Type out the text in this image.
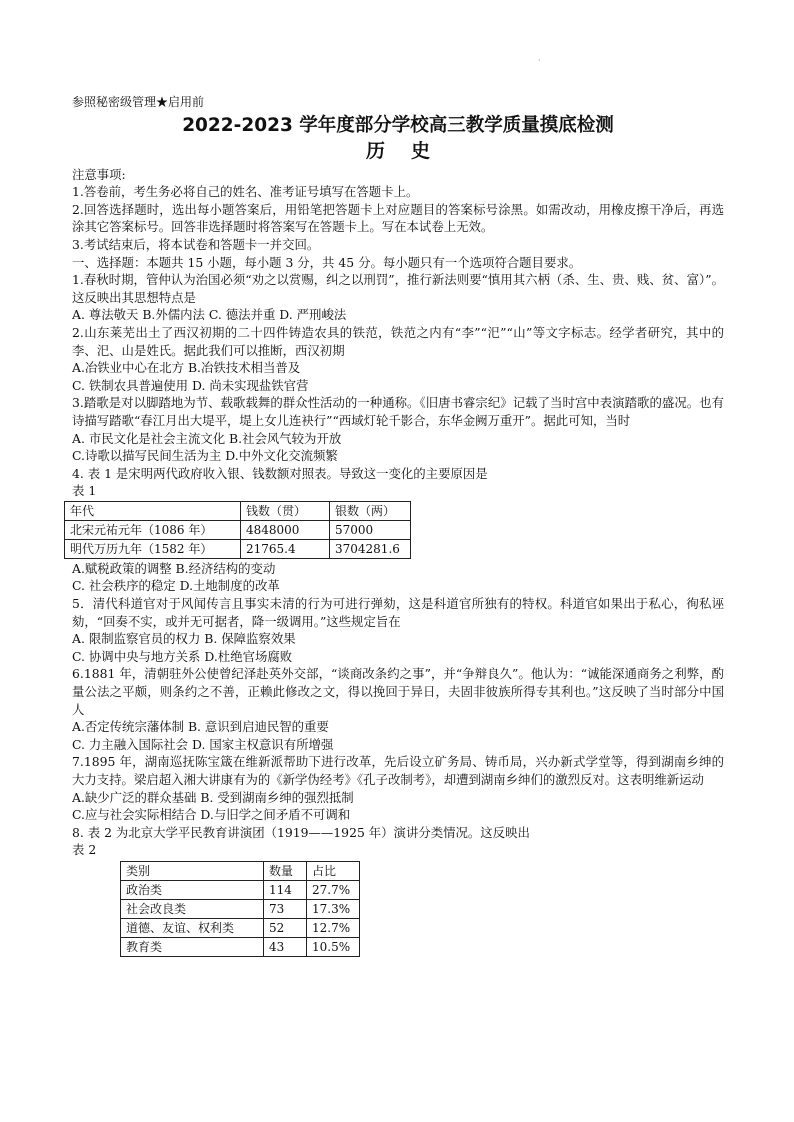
·
参照秘密级管理★启用前
2022-2023 学年度部分学校高三教学质量摸底检测
历史
注意事项:

1.答卷前，考生务必将自己的姓名、准考证号填写在答题卡上。

2.回答选择题时，选出每小题答案后，用铅笔把答题卡上对应题目的答案标号涂黑。如需改动，用橡皮擦干净后，再选涂其它答案标号。回答非选择题时将答案写在答题卡上。写在本试卷上无效。

3.考试结束后，将本试卷和答题卡一并交回。

一、选择题：本题共 15 小题，每小题 3 分，共 45 分。每小题只有一个选项符合题目要求。

1.春秋时期，管仲认为治国必须“劝之以赏赐，纠之以刑罚”，推行新法则要“慎用其六柄（杀、生、贵、贱、贫、富）”。这反映出其思想特点是

A. 尊法敬天 B.外儒内法 C. 德法并重 D. 严刑峻法

2.山东莱芜出土了西汉初期的二十四件铸造农具的铁范，铁范之内有“李”“汜”“山”等文字标志。经学者研究，其中的李、汜、山是姓氏。据此我们可以推断，西汉初期

A.冶铁业中心在北方 B.冶铁技术相当普及
C. 铁制农具普遍使用 D. 尚未实现盐铁官营

3.踏歌是对以脚踏地为节、载歌载舞的群众性活动的一种通称。《旧唐书睿宗纪》记载了当时宫中表演踏歌的盛况。也有诗描写踏歌“春江月出大堤平，堤上女儿连袂行”“西域灯轮千影合，东华金阙万重开”。据此可知，当时

A. 市民文化是社会主流文化 B.社会风气较为开放
C.诗歌以描写民间生活为主 D.中外文化交流频繁

4. 表 1 是宋明两代政府收入银、钱数额对照表。导致这一变化的主要原因是

表 1
年代	钱数（贯）	银数（两）
北宋元祐元年（1086 年）	4848000	57000
明代万历九年（1582 年）	21765.4	3704281.6
A.赋税政策的调整 B.经济结构的变动
C. 社会秩序的稳定 D.土地制度的改革

5．清代科道官对于风闻传言且事实未清的行为可进行弹劾，这是科道官所独有的特权。科道官如果出于私心，徇私诬劾，“回奏不实，或并无可据者，降一级调用。”这些规定旨在

A. 限制监察官员的权力 B. 保障监察效果
C. 协调中央与地方关系 D.杜绝官场腐败

6.1881 年，清朝驻外公使曾纪泽赴英外交部，“谈商改条约之事”，并“争辩良久”。他认为：“诚能深通商务之利弊，酌量公法之平颇，则条约之不善，正赖此修改之文，得以挽回于异日，夫固非彼族所得专其利也。”这反映了当时部分中国人

A.否定传统宗藩体制 B. 意识到启迪民智的重要
C. 力主融入国际社会 D. 国家主权意识有所增强

7.1895 年，湖南巡抚陈宝箴在维新派帮助下进行改革，先后设立矿务局、铸币局，兴办新式学堂等，得到湖南乡绅的大力支持。梁启超入湘大讲康有为的《新学伪经考》《孔子改制考》，却遭到湖南乡绅们的激烈反对。这表明维新运动

A.缺少广泛的群众基础 B. 受到湖南乡绅的强烈抵制
C.应与社会实际相结合 D.与旧学之间矛盾不可调和

8. 表 2 为北京大学平民教育讲演团（1919——1925 年）演讲分类情况。这反映出

表 2
类别	数量	占比
政治类	114	27.7%
社会改良类	73	17.3%
道德、友谊、权利类	52	12.7%
教育类	43	10.5%
